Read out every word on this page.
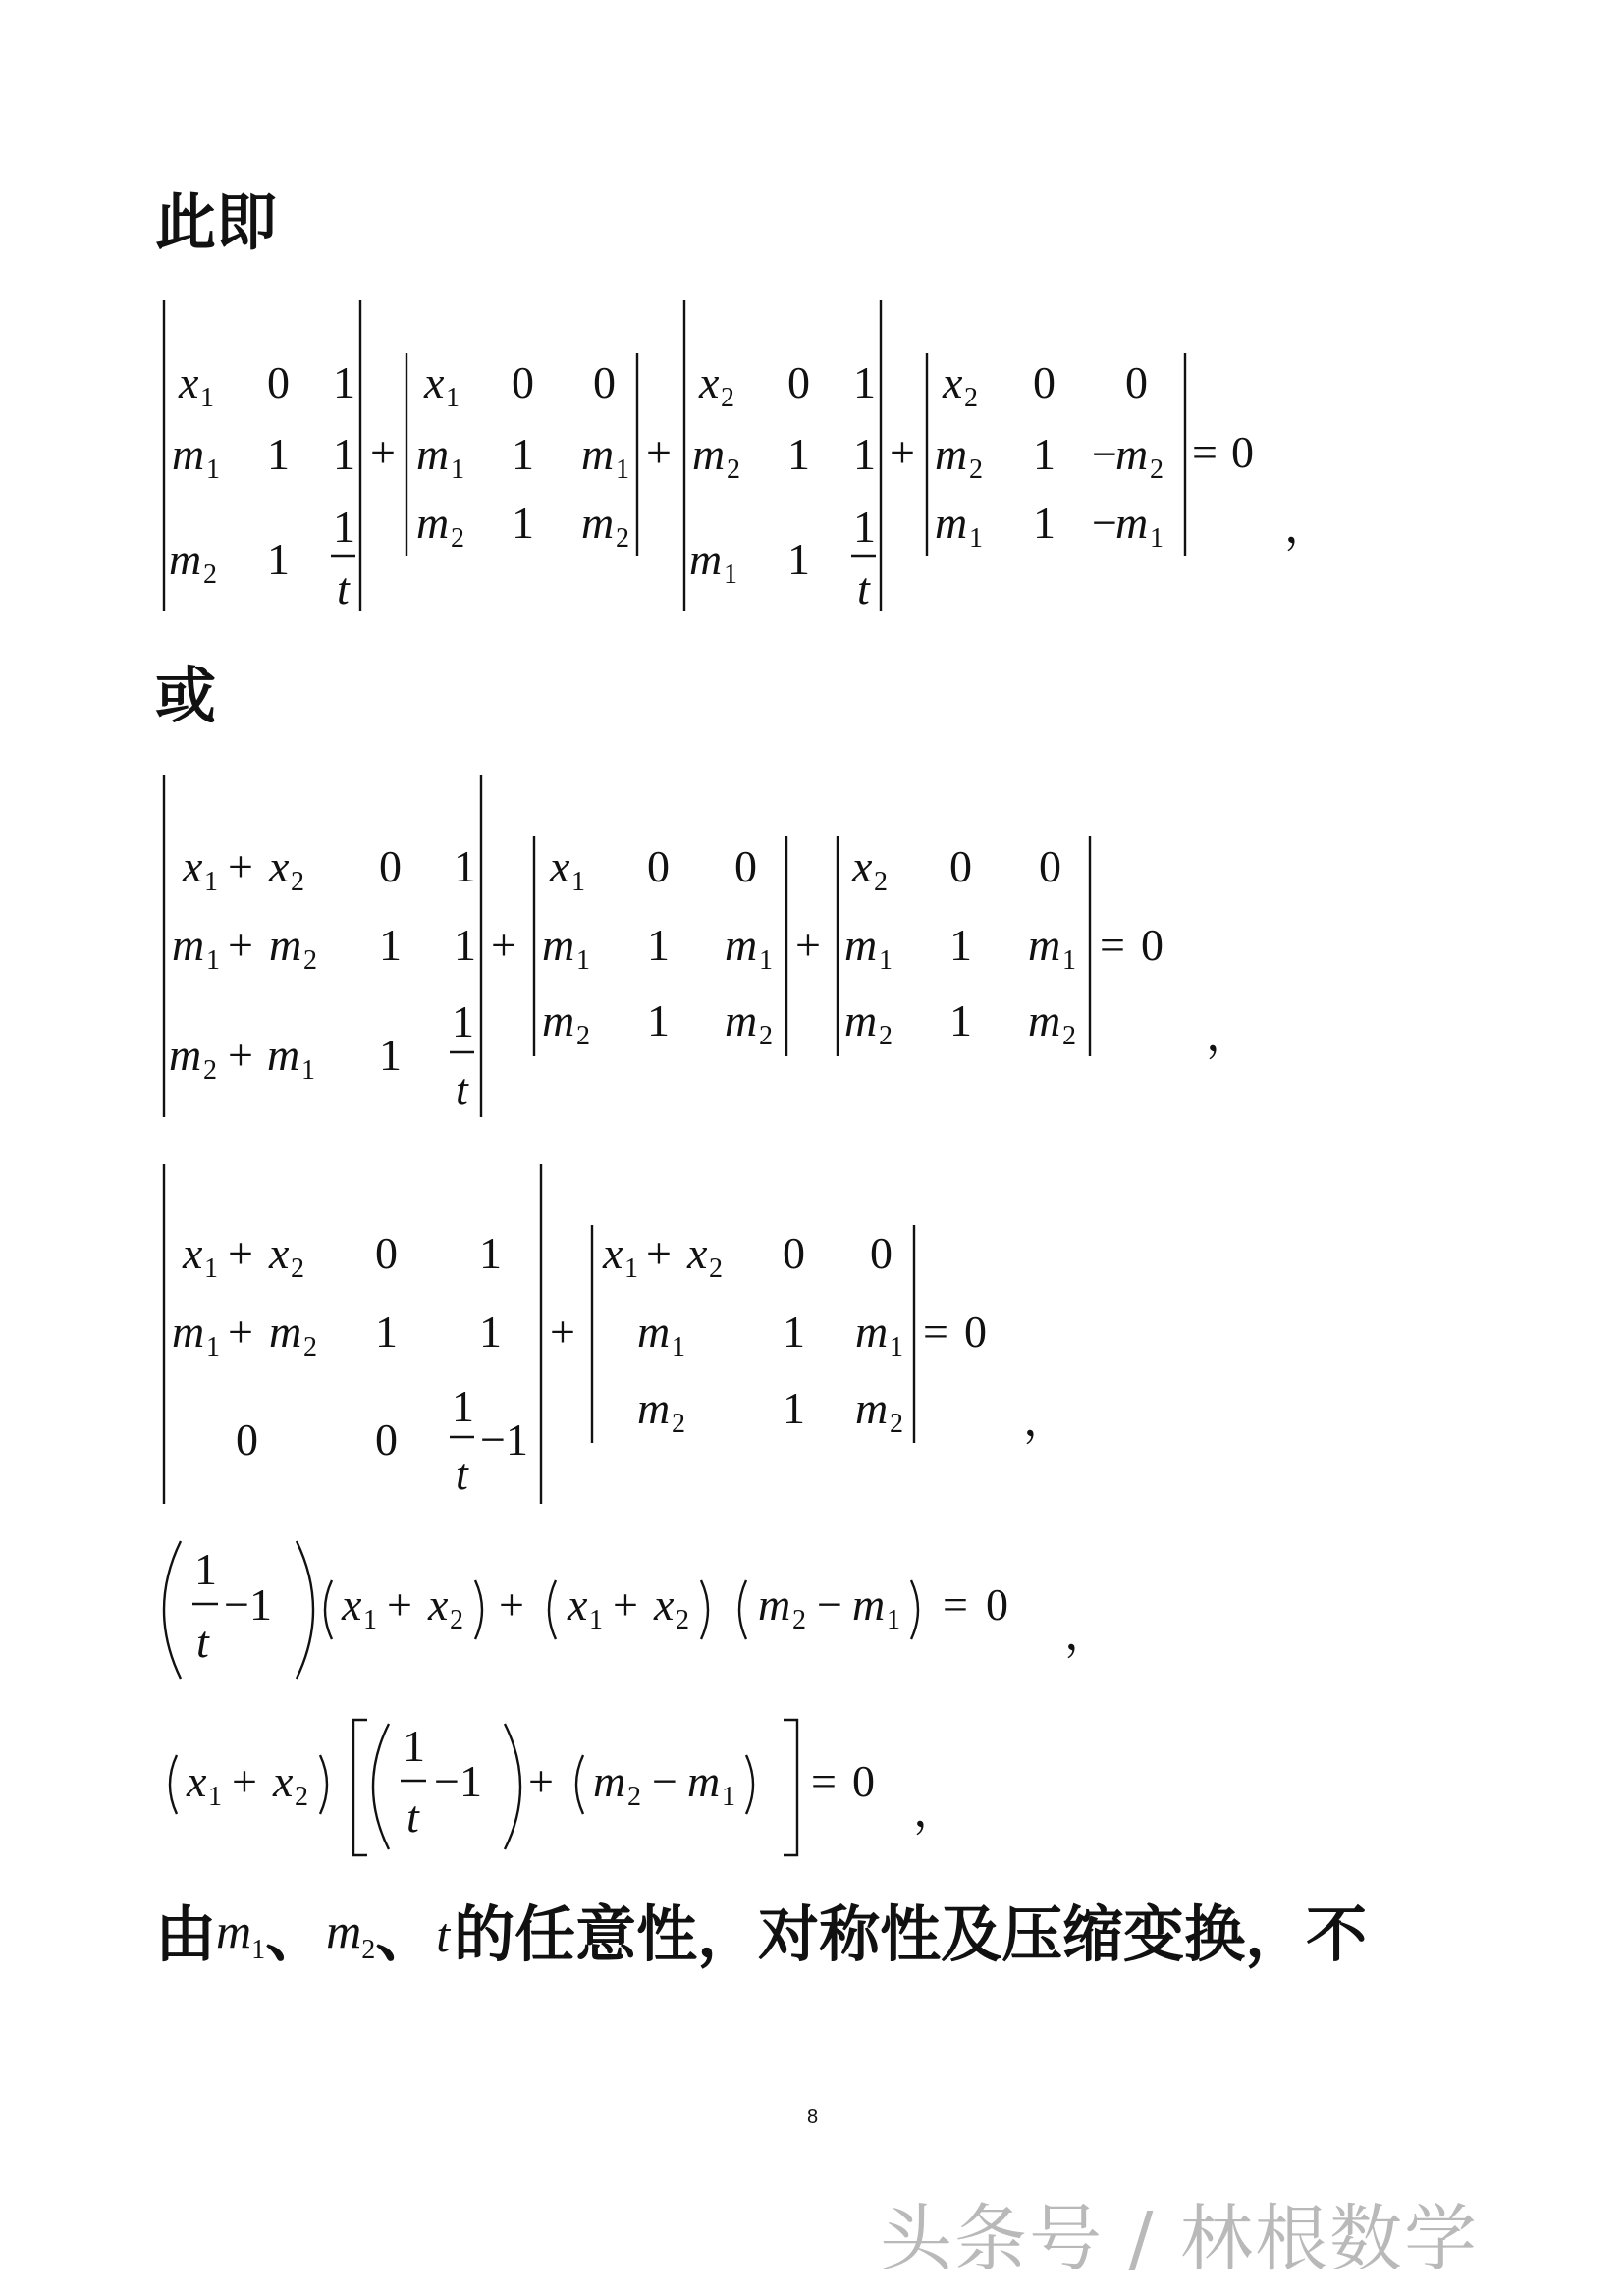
此即
x 1 0 1
m 1 1 1
m 2 1
1
t
+
x 1 0 0
m 1 1 m 1
m 2 1 m 2
+
x 2 0 1
m 2 1 1
m 1 1
1
t
+
x 2 0 0
m 2 1 −
m 2
m 1 1 −
m 1
= 0
，
或
x 1 + x 2 0 1
m 1 + m 2 1 1
m 2 + m 1 1
1
t
+
x 1 0 0
m 1 1 m 1
m 2 1 m 2
+
x 2 0 0
m 1 1 m 1
m 2 1 m 2
= 0
，
x 1 + x 2 0 1
m 1 + m 2 1 1
0	0
1
t
−1
+
x 1 + x 2 0 0
m 1 1 m 1
m 2 1 m 2
= 0
，
1
t
−1 x 1 + x 2 + x 1 + x 2 m 2 − m 1 = 0
，
x 1 + x 2
1
t
−1 + m 2 − m 1 = 0
，
由$m_1$、$m_2$、t的任意性，对称性及压缩变换，不
8
头条号 / 林根数学
